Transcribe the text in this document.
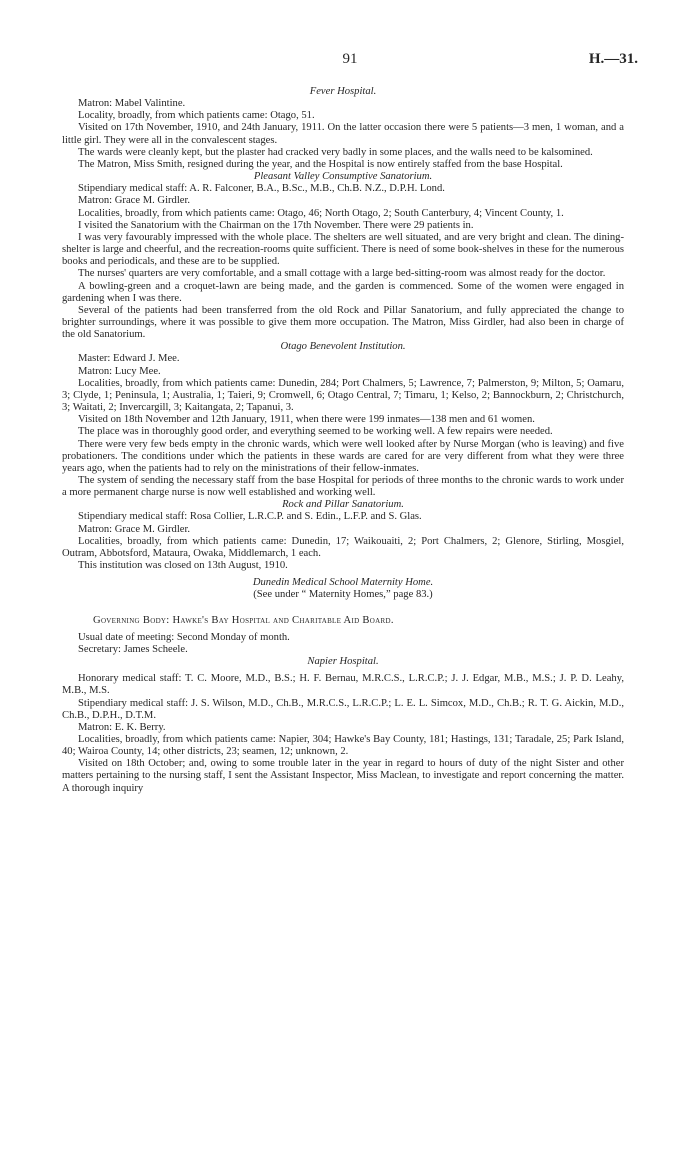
91	H.—31.

Fever Hospital.

Matron: Mabel Valintine.

Locality, broadly, from which patients came: Otago, 51.

Visited on 17th November, 1910, and 24th January, 1911. On the latter occasion there were 5 patients—3 men, 1 woman, and a little girl. They were all in the convalescent stages.

The wards were cleanly kept, but the plaster had cracked very badly in some places, and the walls need to be kalsomined.

The Matron, Miss Smith, resigned during the year, and the Hospital is now entirely staffed from the base Hospital.

Pleasant Valley Consumptive Sanatorium.

Stipendiary medical staff: A. R. Falconer, B.A., B.Sc., M.B., Ch.B. N.Z., D.P.H. Lond.

Matron: Grace M. Girdler.

Localities, broadly, from which patients came: Otago, 46; North Otago, 2; South Canterbury, 4; Vincent County, 1.

I visited the Sanatorium with the Chairman on the 17th November. There were 29 patients in.

I was very favourably impressed with the whole place. The shelters are well situated, and are very bright and clean. The dining-shelter is large and cheerful, and the recreation-rooms quite sufficient. There is need of some book-shelves in these for the numerous books and periodicals, and these are to be supplied.

The nurses' quarters are very comfortable, and a small cottage with a large bed-sitting-room was almost ready for the doctor.

A bowling-green and a croquet-lawn are being made, and the garden is commenced. Some of the women were engaged in gardening when I was there.

Several of the patients had been transferred from the old Rock and Pillar Sanatorium, and fully appreciated the change to brighter surroundings, where it was possible to give them more occupation. The Matron, Miss Girdler, had also been in charge of the old Sanatorium.

Otago Benevolent Institution.

Master: Edward J. Mee.

Matron: Lucy Mee.

Localities, broadly, from which patients came: Dunedin, 284; Port Chalmers, 5; Lawrence, 7; Palmerston, 9; Milton, 5; Oamaru, 3; Clyde, 1; Peninsula, 1; Australia, 1; Taieri, 9; Cromwell, 6; Otago Central, 7; Timaru, 1; Kelso, 2; Bannockburn, 2; Christchurch, 3; Waitati, 2; Invercargill, 3; Kaitangata, 2; Tapanui, 3.

Visited on 18th November and 12th January, 1911, when there were 199 inmates—138 men and 61 women.

The place was in thoroughly good order, and everything seemed to be working well. A few repairs were needed.

There were very few beds empty in the chronic wards, which were well looked after by Nurse Morgan (who is leaving) and five probationers. The conditions under which the patients in these wards are cared for are very different from what they were three years ago, when the patients had to rely on the ministrations of their fellow-inmates.

The system of sending the necessary staff from the base Hospital for periods of three months to the chronic wards to work under a more permanent charge nurse is now well established and working well.

Rock and Pillar Sanatorium.

Stipendiary medical staff: Rosa Collier, L.R.C.P. and S. Edin., L.F.P. and S. Glas.

Matron: Grace M. Girdler.

Localities, broadly, from which patients came: Dunedin, 17; Waikouaiti, 2; Port Chalmers, 2; Glenore, Stirling, Mosgiel, Outram, Abbotsford, Mataura, Owaka, Middlemarch, 1 each.

This institution was closed on 13th August, 1910.

Dunedin Medical School Maternity Home.

(See under “ Maternity Homes,” page 83.)

Governing Body: Hawke's Bay Hospital and Charitable Aid Board.

Usual date of meeting: Second Monday of month.

Secretary: James Scheele.

Napier Hospital.

Honorary medical staff: T. C. Moore, M.D., B.S.; H. F. Bernau, M.R.C.S., L.R.C.P.; J. J. Edgar, M.B., M.S.; J. P. D. Leahy, M.B., M.S.

Stipendiary medical staff: J. S. Wilson, M.D., Ch.B., M.R.C.S., L.R.C.P.; L. E. L. Simcox, M.D., Ch.B.; R. T. G. Aickin, M.D., Ch.B., D.P.H., D.T.M.

Matron: E. K. Berry.

Localities, broadly, from which patients came: Napier, 304; Hawke's Bay County, 181; Hastings, 131; Taradale, 25; Park Island, 40; Wairoa County, 14; other districts, 23; seamen, 12; unknown, 2.

Visited on 18th October; and, owing to some trouble later in the year in regard to hours of duty of the night Sister and other matters pertaining to the nursing staff, I sent the Assistant Inspector, Miss Maclean, to investigate and report concerning the matter. A thorough inquiry
